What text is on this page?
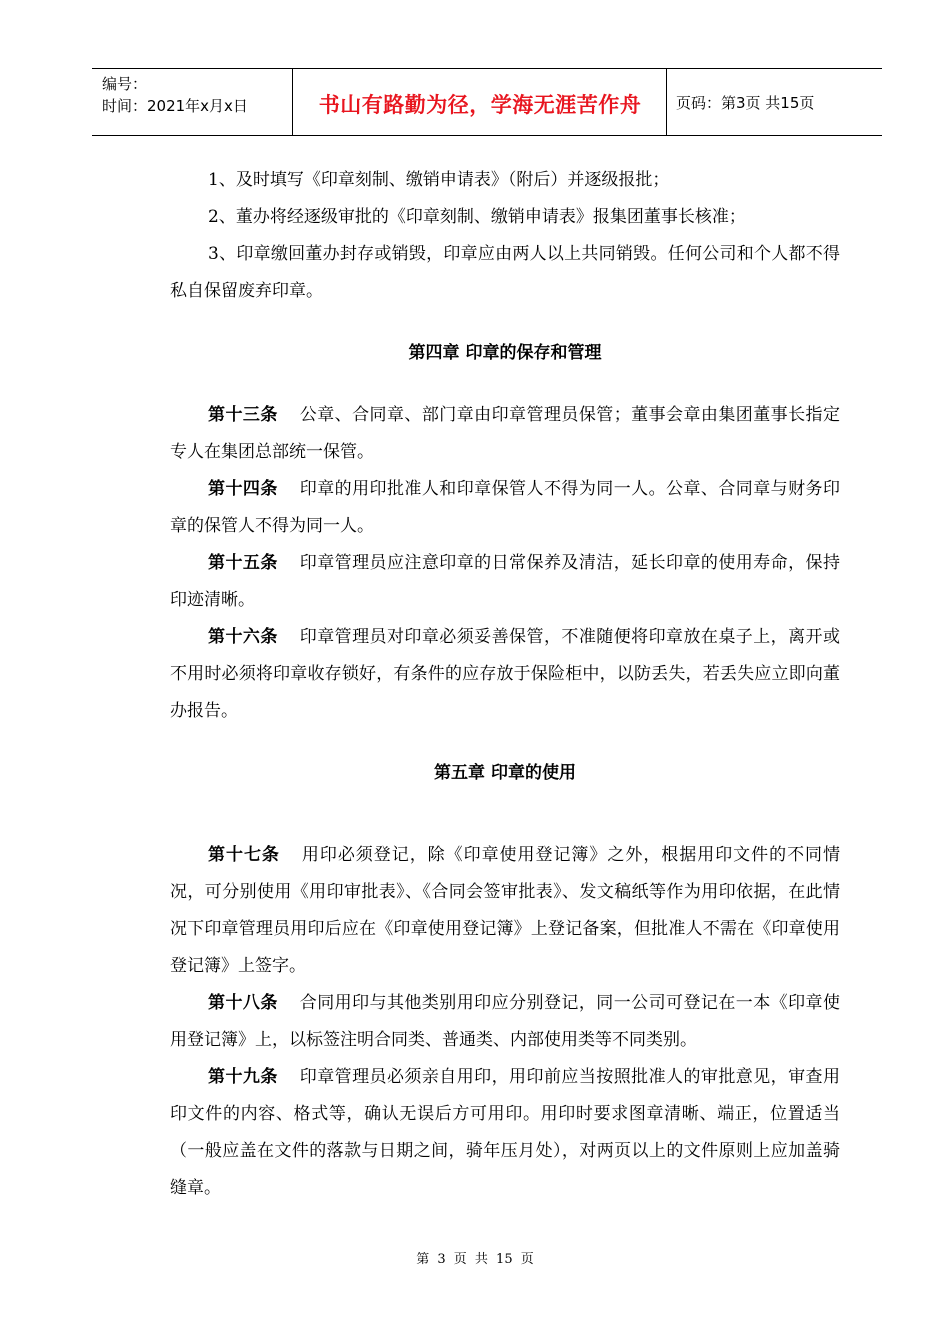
编号：
时间：2021年x月x日	书山有路勤为径，学海无涯苦作舟	页码：第3页 共15页

1、及时填写《印章刻制、缴销申请表》（附后）并逐级报批；

2、董办将经逐级审批的《印章刻制、缴销申请表》报集团董事长核准；

3、印章缴回董办封存或销毁，印章应由两人以上共同销毁。任何公司和个人都不得私自保留废弃印章。

第四章 印章的保存和管理

第十三条 公章、合同章、部门章由印章管理员保管；董事会章由集团董事长指定专人在集团总部统一保管。

第十四条 印章的用印批准人和印章保管人不得为同一人。公章、合同章与财务印章的保管人不得为同一人。

第十五条 印章管理员应注意印章的日常保养及清洁，延长印章的使用寿命，保持印迹清晰。

第十六条 印章管理员对印章必须妥善保管，不准随便将印章放在桌子上，离开或不用时必须将印章收存锁好，有条件的应存放于保险柜中，以防丢失，若丢失应立即向董办报告。

第五章 印章的使用

第十七条 用印必须登记，除《印章使用登记簿》之外，根据用印文件的不同情况，可分别使用《用印审批表》、《合同会签审批表》、发文稿纸等作为用印依据，在此情况下印章管理员用印后应在《印章使用登记簿》上登记备案，但批准人不需在《印章使用登记簿》上签字。

第十八条 合同用印与其他类别用印应分别登记，同一公司可登记在一本《印章使用登记簿》上，以标签注明合同类、普通类、内部使用类等不同类别。

第十九条 印章管理员必须亲自用印，用印前应当按照批准人的审批意见，审查用印文件的内容、格式等，确认无误后方可用印。用印时要求图章清晰、端正，位置适当（一般应盖在文件的落款与日期之间，骑年压月处），对两页以上的文件原则上应加盖骑缝章。

第 3 页 共 15 页
